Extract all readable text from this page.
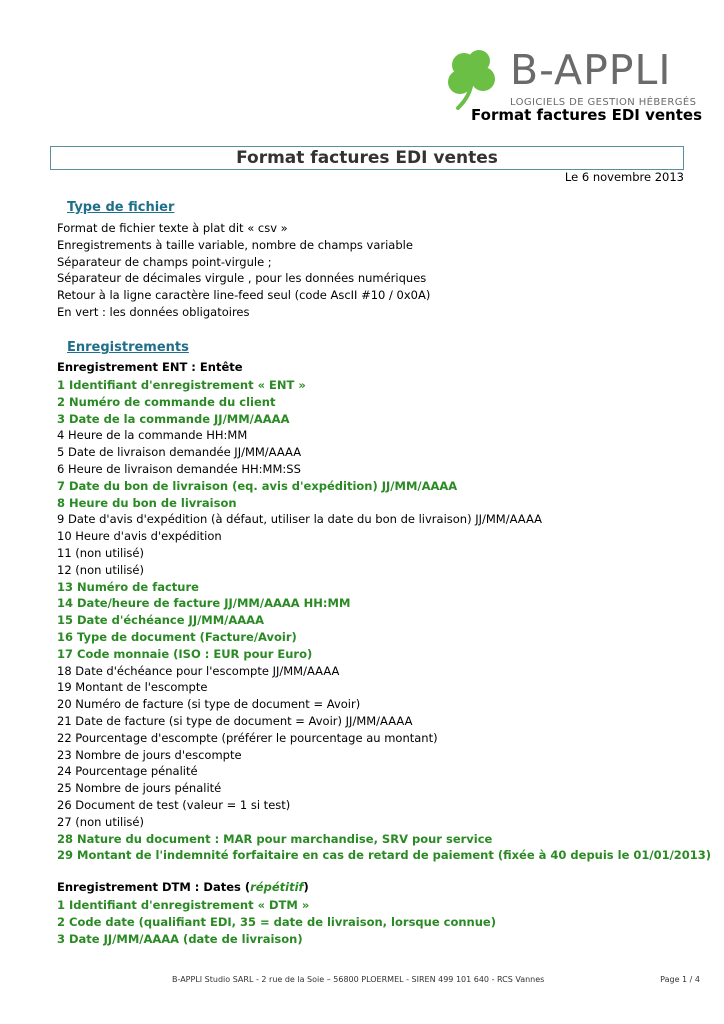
B-APPLI
LOGICIELS DE GESTION HÉBERGÉS
Format factures EDI ventes
Format factures EDI ventes
Le 6 novembre 2013
Type de fichier
Format de fichier texte à plat dit « csv »
Enregistrements à taille variable, nombre de champs variable
Séparateur de champs point-virgule ;
Séparateur de décimales virgule , pour les données numériques
Retour à la ligne caractère line-feed seul (code AscII #10 / 0x0A)
En vert : les données obligatoires
Enregistrements
Enregistrement ENT : Entête
1 Identifiant d'enregistrement « ENT »
2 Numéro de commande du client
3 Date de la commande JJ/MM/AAAA
4 Heure de la commande HH:MM
5 Date de livraison demandée JJ/MM/AAAA
6 Heure de livraison demandée HH:MM:SS
7 Date du bon de livraison (eq. avis d'expédition) JJ/MM/AAAA
8 Heure du bon de livraison
9 Date d'avis d'expédition (à défaut, utiliser la date du bon de livraison) JJ/MM/AAAA
10 Heure d'avis d'expédition
11 (non utilisé)
12 (non utilisé)
13 Numéro de facture
14 Date/heure de facture JJ/MM/AAAA HH:MM
15 Date d'échéance JJ/MM/AAAA
16 Type de document (Facture/Avoir)
17 Code monnaie (ISO : EUR pour Euro)
18 Date d'échéance pour l'escompte JJ/MM/AAAA
19 Montant de l'escompte
20 Numéro de facture (si type de document = Avoir)
21 Date de facture (si type de document = Avoir) JJ/MM/AAAA
22 Pourcentage d'escompte (préférer le pourcentage au montant)
23 Nombre de jours d'escompte
24 Pourcentage pénalité
25 Nombre de jours pénalité
26 Document de test (valeur = 1 si test)
27 (non utilisé)
28 Nature du document : MAR pour marchandise, SRV pour service
29 Montant de l'indemnité forfaitaire en cas de retard de paiement (fixée à 40 depuis le 01/01/2013)
Enregistrement DTM : Dates (répétitif)
1 Identifiant d'enregistrement « DTM »
2 Code date (qualifiant EDI, 35 = date de livraison, lorsque connue)
3 Date JJ/MM/AAAA (date de livraison)
B-APPLI Studio SARL - 2 rue de la Soie – 56800 PLOERMEL - SIREN 499 101 640 - RCS Vannes	Page 1 / 4
